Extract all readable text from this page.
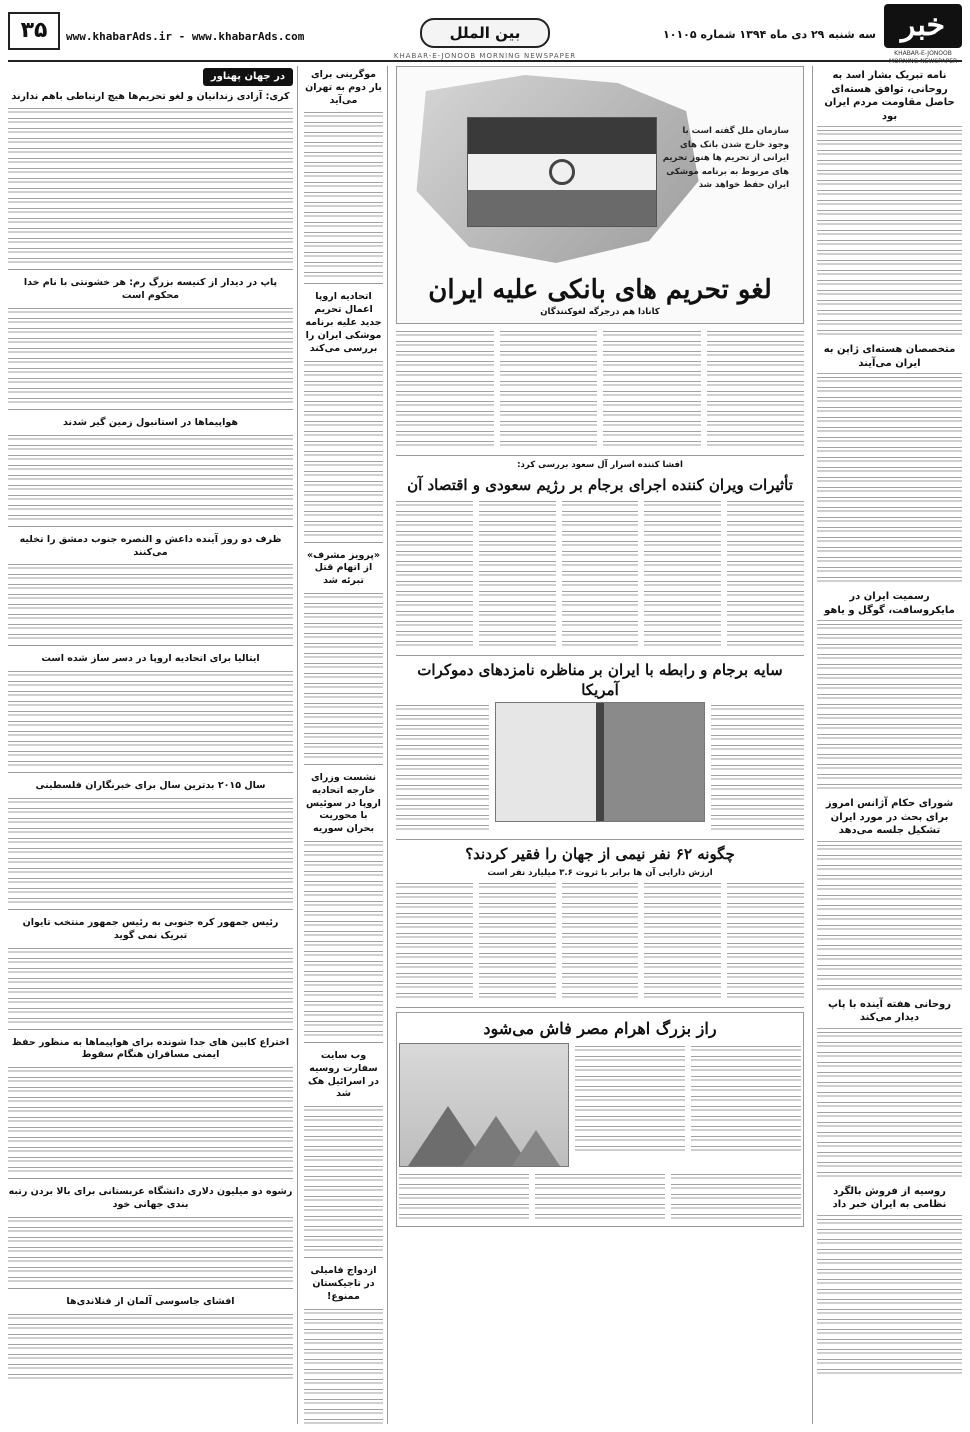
خبر
KHABAR-E-JONOOB MORNING NEWSPAPER
سه شنبه ۲۹ دی ماه ۱۳۹۴ شماره ۱۰۱۰۵
بین الملل
www.khabarAds.ir - www.khabarAds.com
۳۵
KHABAR-E-JONOOB MORNING NEWSPAPER
نامه تبریک بشار اسد به روحانی، توافق هسته‌ای حاصل مقاومت مردم ایران بود
متخصصان هسته‌ای ژاپن به ایران می‌آیند
رسمیت ایران در مایکروسافت، گوگل و یاهو
شورای حکام آژانس امروز برای بحث در مورد ایران تشکیل جلسه می‌دهد
روحانی هفته آینده با پاپ دیدار می‌کند
روسیه از فروش بالگرد نظامی به ایران خبر داد
سازمان ملل گفته است با وجود خارج شدن بانک های ایرانی از تحریم ها هنوز تحریم های مربوط به برنامه موشکی ایران حفظ خواهد شد
لغو تحریم های بانکی علیه ایران
کانادا هم درجرگه لغوکنندگان
افشا کننده اسرار آل سعود بررسی کرد:
تأثیرات ویران کننده اجرای برجام بر رژیم سعودی و اقتصاد آن
سایه برجام و رابطه با ایران بر مناظره نامزدهای دموکرات آمریکا
چگونه ۶۲ نفر نیمی از جهان را فقیر کردند؟
ارزش دارایی آن ها برابر با ثروت ۳.۶ میلیارد نفر است
راز بزرگ اهرام مصر فاش می‌شود
موگرینی برای بار دوم به تهران می‌آید
اتحادیه اروپا اعمال تحریم جدید علیه برنامه موشکی ایران را بررسی می‌کند
«پرویز مشرف» از اتهام قتل تبرئه شد
نشست وزرای خارجه اتحادیه اروپا در سوئیس با محوریت بحران سوریه
وب سایت سفارت روسیه در اسرائیل هک شد
ازدواج فامیلی در تاجیکستان ممنوع!
در جهان پهناور
کری: آزادی زندانیان و لغو تحریم‌ها هیچ ارتباطی باهم ندارند
پاپ در دیدار از کنیسه بزرگ رم: هر خشونتی با نام خدا محکوم است
هواپیماها در استانبول زمین گیر شدند
ظرف دو روز آینده داعش و النصره جنوب دمشق را تخلیه می‌کنند
ایتالیا برای اتحادیه اروپا در دسر ساز شده است
سال ۲۰۱۵ بدترین سال برای خبرنگاران فلسطینی
رئیس جمهور کره جنوبی به رئیس جمهور منتخب تایوان تبریک نمی گوید
اختراع کابین های جدا شونده برای هواپیماها به منظور حفظ ایمنی مسافران هنگام سقوط
رشوه دو میلیون دلاری دانشگاه عربستانی برای بالا بردن رتبه بندی جهانی خود
افشای جاسوسی آلمان از فنلاندی‌ها
